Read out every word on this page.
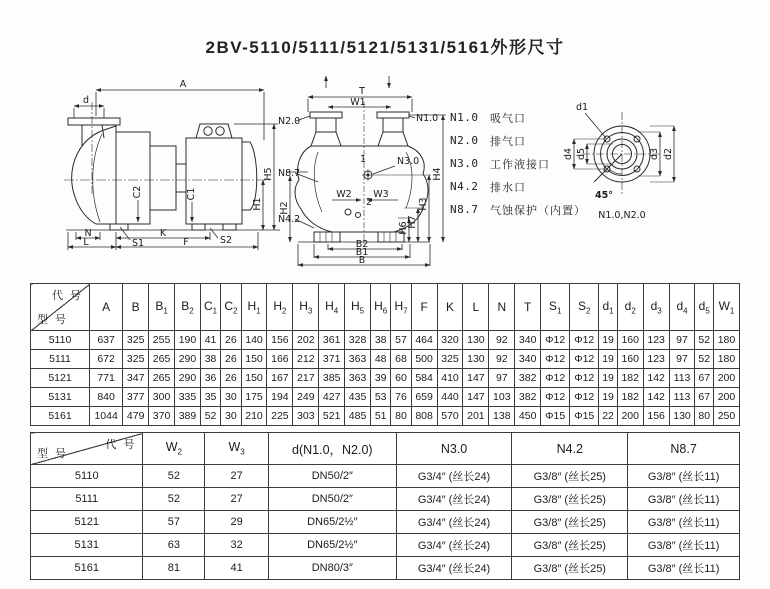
2BV-5110/5111/5121/5131/5161外形尺寸
A
d
C2	C1
S1	S2
H5
H1
N
L
K
F
T
W1
N2.0	N1.0
N8.7
N3.0
1
2
W2 W3
H2
H4
H3
H7
H6
N4.2
B2
B1
B
N1.0	吸气口
N2.0	排气口
N3.0	工作液接口
N4.2	排水口
N8.7	气蚀保护（内置）
d1
d4 d5	d3 d2
45°
N1.0,N2.0
代 号
型 号	A	B	$B_1$	$B_2$	$C_1$	$C_2$	$H_1$	$H_2$	$H_3$	$H_4$	$H_5$	$H_6$	$H_7$	F	K	L	N	T	$S_1$	$S_2$	$d_1$	$d_2$	$d_3$	$d_4$	$d_5$	$W_1$
5110	637	325	255	190	41	26	140	156	202	361	328	38	57	464	320	130	92	340	Φ12	Φ12	19	160	123	97	52	180
5111	672	325	265	290	38	26	150	166	212	371	363	48	68	500	325	130	92	340	Φ12	Φ12	19	160	123	97	52	180
5121	771	347	265	290	36	26	150	167	217	385	363	39	60	584	410	147	97	382	Φ12	Φ12	19	182	142	113	67	200
5131	840	377	300	335	35	30	175	194	249	427	435	53	76	659	440	147	103	382	Φ12	Φ12	19	182	142	113	67	200
5161	1044	479	370	389	52	30	210	225	303	521	485	51	80	808	570	201	138	450	Φ15	Φ15	22	200	156	130	80	250
代 号
型 号	$W_2$	$W_3$	d(N1.0，N2.0)	N3.0	N4.2	N8.7
5110	52	27	DN50/2″	G3/4″ (丝长24)	G3/8″ (丝长25)	G3/8″ (丝长11)
5111	52	27	DN50/2″	G3/4″ (丝长24)	G3/8″ (丝长25)	G3/8″ (丝长11)
5121	57	29	DN65/2½″	G3/4″ (丝长24)	G3/8″ (丝长25)	G3/8″ (丝长11)
5131	63	32	DN65/2½″	G3/4″ (丝长24)	G3/8″ (丝长25)	G3/8″ (丝长11)
5161	81	41	DN80/3″	G3/4″ (丝长24)	G3/8″ (丝长25)	G3/8″ (丝长11)
